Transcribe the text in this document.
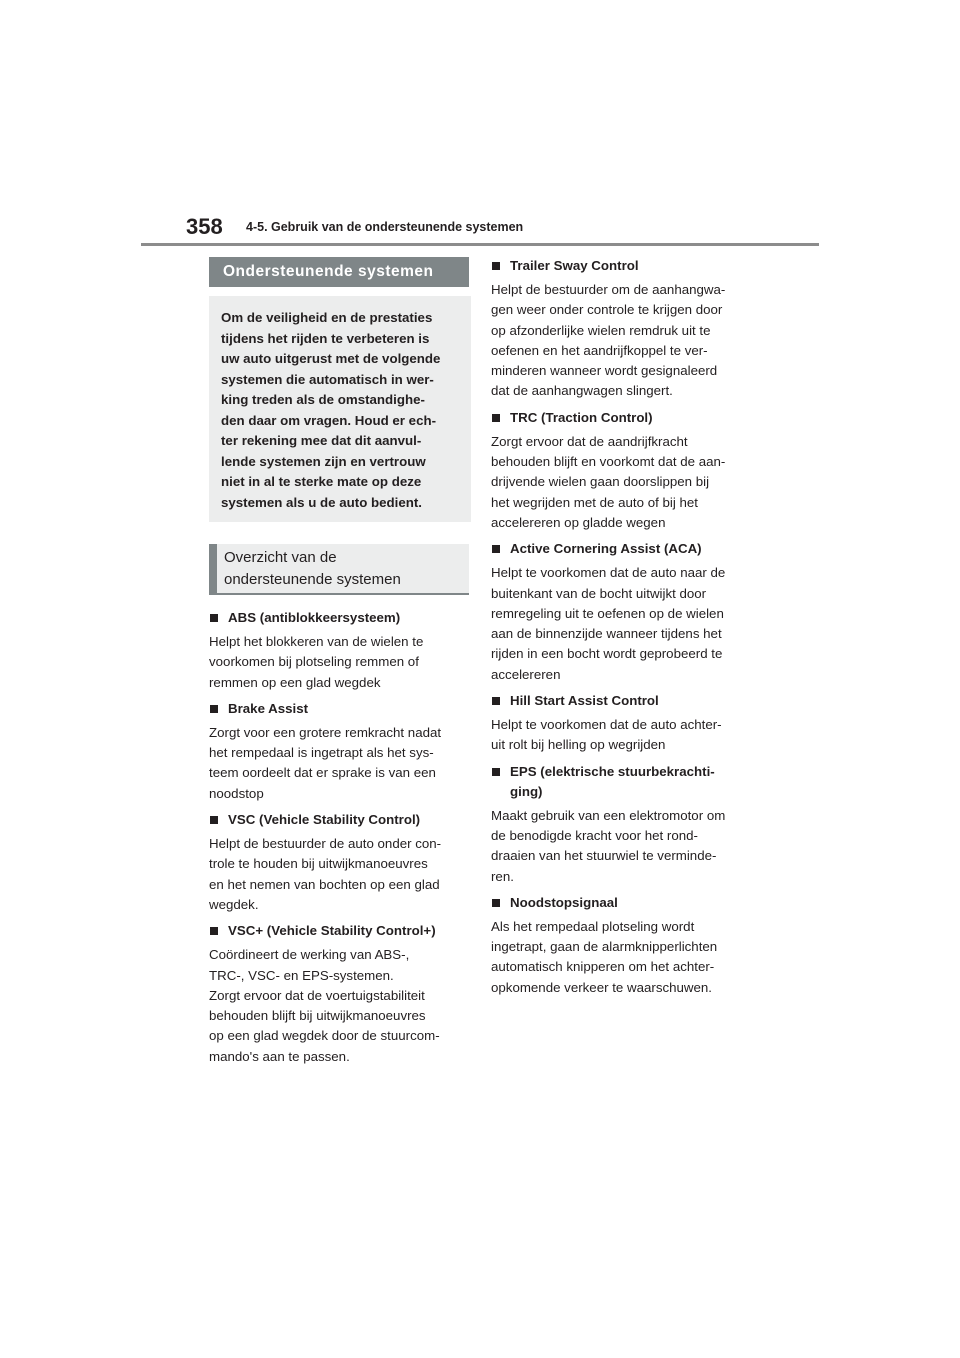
358 4-5. Gebruik van de ondersteunende systemen
Ondersteunende systemen
Om de veiligheid en de prestaties
tijdens het rijden te verbeteren is
uw auto uitgerust met de volgende
systemen die automatisch in wer-
king treden als de omstandighe-
den daar om vragen. Houd er ech-
ter rekening mee dat dit aanvul-
lende systemen zijn en vertrouw
niet in al te sterke mate op deze
systemen als u de auto bedient.
Overzicht van de
ondersteunende systemen
ABS (antiblokkeersysteem)
Helpt het blokkeren van de wielen te
voorkomen bij plotseling remmen of
remmen op een glad wegdek
Brake Assist
Zorgt voor een grotere remkracht nadat
het rempedaal is ingetrapt als het sys-
teem oordeelt dat er sprake is van een
noodstop
VSC (Vehicle Stability Control)
Helpt de bestuurder de auto onder con-
trole te houden bij uitwijkmanoeuvres
en het nemen van bochten op een glad
wegdek.
VSC+ (Vehicle Stability Control+)
Coördineert de werking van ABS-,
TRC-, VSC- en EPS-systemen.
Zorgt ervoor dat de voertuigstabiliteit
behouden blijft bij uitwijkmanoeuvres
op een glad wegdek door de stuurcom-
mando's aan te passen.
Trailer Sway Control
Helpt de bestuurder om de aanhangwa-
gen weer onder controle te krijgen door
op afzonderlijke wielen remdruk uit te
oefenen en het aandrijfkoppel te ver-
minderen wanneer wordt gesignaleerd
dat de aanhangwagen slingert.
TRC (Traction Control)
Zorgt ervoor dat de aandrijfkracht
behouden blijft en voorkomt dat de aan-
drijvende wielen gaan doorslippen bij
het wegrijden met de auto of bij het
accelereren op gladde wegen
Active Cornering Assist (ACA)
Helpt te voorkomen dat de auto naar de
buitenkant van de bocht uitwijkt door
remregeling uit te oefenen op de wielen
aan de binnenzijde wanneer tijdens het
rijden in een bocht wordt geprobeerd te
accelereren
Hill Start Assist Control
Helpt te voorkomen dat de auto achter-
uit rolt bij helling op wegrijden
EPS (elektrische stuurbekrachti-
ging)
Maakt gebruik van een elektromotor om
de benodigde kracht voor het rond-
draaien van het stuurwiel te verminde-
ren.
Noodstopsignaal
Als het rempedaal plotseling wordt
ingetrapt, gaan de alarmknipperlichten
automatisch knipperen om het achter-
opkomende verkeer te waarschuwen.
